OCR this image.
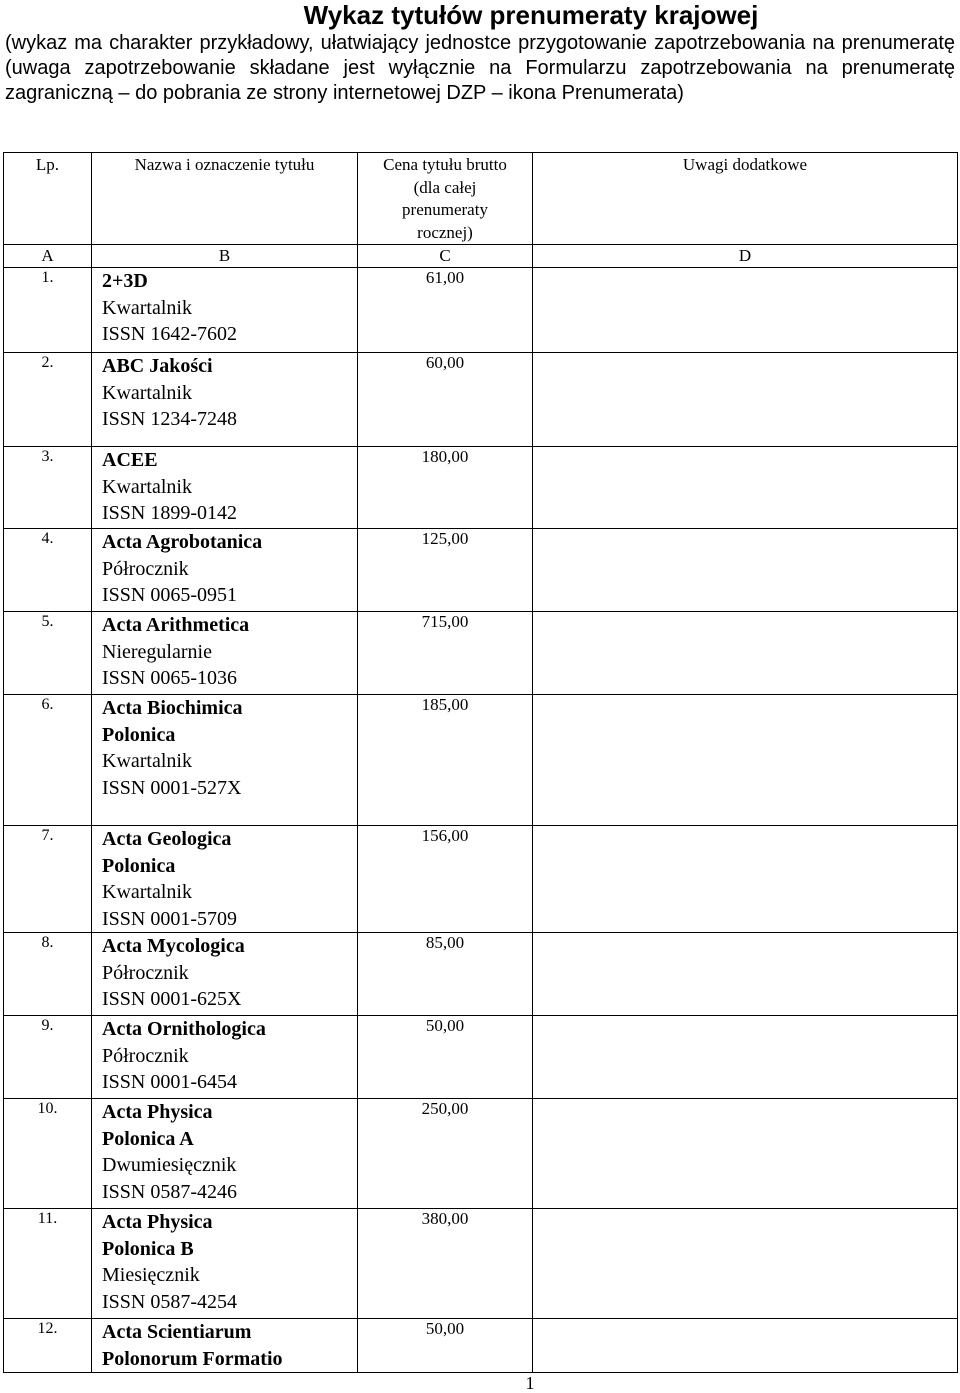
Wykaz tytułów prenumeraty krajowej

(wykaz ma charakter przykładowy, ułatwiający jednostce przygotowanie zapotrzebowania na prenumeratę (uwaga zapotrzebowanie składane jest wyłącznie na Formularzu zapotrzebowania na prenumeratę zagraniczną – do pobrania ze strony internetowej DZP – ikona Prenumerata)

Lp.	Nazwa i oznaczenie tytułu	Cena tytułu brutto
(dla całej
prenumeraty
rocznej)	Uwagi dodatkowe
A	B	C	D
1.	2+3D
Kwartalnik
ISSN 1642-7602	61,00	
2.	ABC Jakości
Kwartalnik
ISSN 1234-7248	60,00	
3.	ACEE
Kwartalnik
ISSN 1899-0142	180,00	
4.	Acta Agrobotanica
Półrocznik
ISSN 0065-0951	125,00	
5.	Acta Arithmetica
Nieregularnie
ISSN 0065-1036	715,00	
6.	Acta Biochimica
Polonica
Kwartalnik
ISSN 0001-527X	185,00	
7.	Acta Geologica
Polonica
Kwartalnik
ISSN 0001-5709	156,00	
8.	Acta Mycologica
Półrocznik
ISSN 0001-625X	85,00	
9.	Acta Ornithologica
Półrocznik
ISSN 0001-6454	50,00	
10.	Acta Physica
Polonica A
Dwumiesięcznik
ISSN 0587-4246	250,00	
11.	Acta Physica
Polonica B
Miesięcznik
ISSN 0587-4254	380,00	
12.	Acta Scientiarum
Polonorum Formatio	50,00	
1
